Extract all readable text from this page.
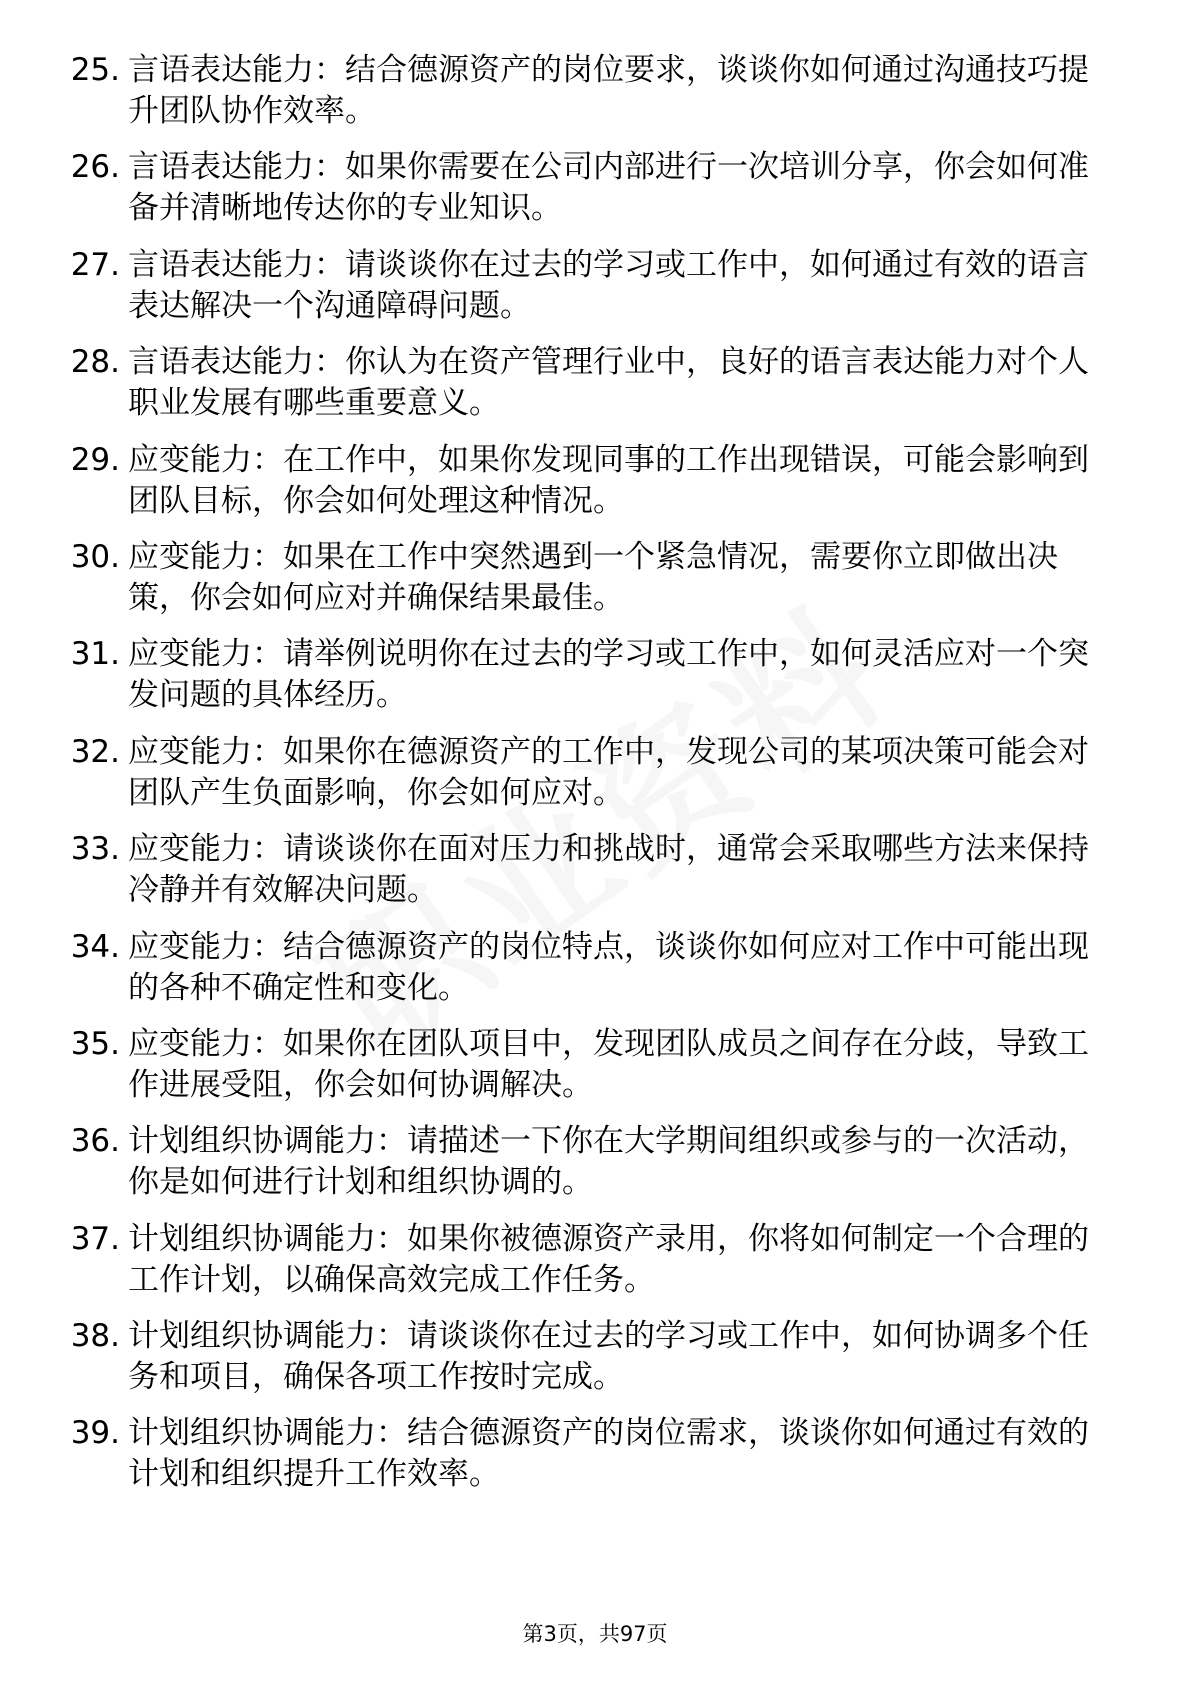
25. 言语表达能力：结合德源资产的岗位要求，谈谈你如何通过沟通技巧提升团队协作效率。

26. 言语表达能力：如果你需要在公司内部进行一次培训分享，你会如何准备并清晰地传达你的专业知识。

27. 言语表达能力：请谈谈你在过去的学习或工作中，如何通过有效的语言表达解决一个沟通障碍问题。

28. 言语表达能力：你认为在资产管理行业中，良好的语言表达能力对个人职业发展有哪些重要意义。

29. 应变能力：在工作中，如果你发现同事的工作出现错误，可能会影响到团队目标，你会如何处理这种情况。

30. 应变能力：如果在工作中突然遇到一个紧急情况，需要你立即做出决策，你会如何应对并确保结果最佳。

31. 应变能力：请举例说明你在过去的学习或工作中，如何灵活应对一个突发问题的具体经历。

32. 应变能力：如果你在德源资产的工作中，发现公司的某项决策可能会对团队产生负面影响，你会如何应对。

33. 应变能力：请谈谈你在面对压力和挑战时，通常会采取哪些方法来保持冷静并有效解决问题。

34. 应变能力：结合德源资产的岗位特点，谈谈你如何应对工作中可能出现的各种不确定性和变化。

35. 应变能力：如果你在团队项目中，发现团队成员之间存在分歧，导致工作进展受阻，你会如何协调解决。

36. 计划组织协调能力：请描述一下你在大学期间组织或参与的一次活动，你是如何进行计划和组织协调的。

37. 计划组织协调能力：如果你被德源资产录用，你将如何制定一个合理的工作计划，以确保高效完成工作任务。

38. 计划组织协调能力：请谈谈你在过去的学习或工作中，如何协调多个任务和项目，确保各项工作按时完成。

39. 计划组织协调能力：结合德源资产的岗位需求，谈谈你如何通过有效的计划和组织提升工作效率。

第3页，共97页
